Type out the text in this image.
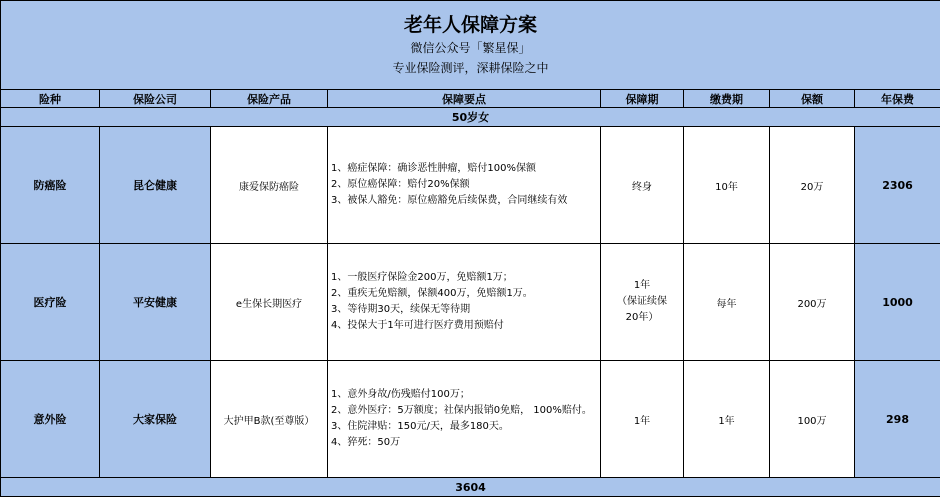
老年人保障方案
微信公众号「繁星保」
专业保险测评，深耕保险之中							

险种	保险公司	保险产品	保障要点	保障期	缴费期	保额	年保费
50岁女							
防癌险	昆仑健康	康爱保防癌险	1、癌症保障：确诊恶性肿瘤，赔付100%保额
2、原位癌保障：赔付20%保额
3、被保人豁免：原位癌豁免后续保费，合同继续有效	终身	10年	20万	2306
医疗险	平安健康	e生保长期医疗	1、一般医疗保险金200万，免赔额1万；
2、重疾无免赔额，保额400万，免赔额1万。
3、等待期30天，续保无等待期
4、投保大于1年可进行医疗费用预赔付	1年
（保证续保
20年）	每年	200万	1000
意外险	大家保险	大护甲B款(至尊版）	1、意外身故/伤残赔付100万；
2、意外医疗：5万额度；社保内报销0免赔， 100%赔付。
3、住院津贴：150元/天，最多180天。
4、猝死：50万	1年	1年	100万	298
3604							
